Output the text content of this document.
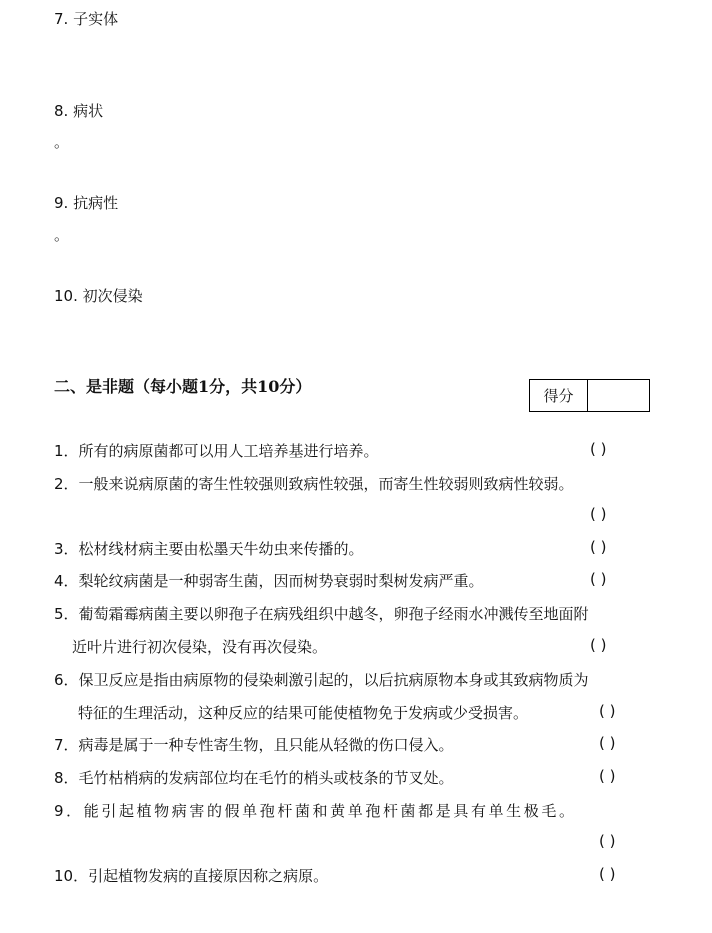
7. 子实体
8. 病状
。
9. 抗病性
。
10. 初次侵染
二、是非题（每小题1分，共10分）	得分
1．所有的病原菌都可以用人工培养基进行培养。	( )
2．一般来说病原菌的寄生性较强则致病性较强，而寄生性较弱则致病性较弱。
( )
3．松材线材病主要由松墨天牛幼虫来传播的。	( )
4．梨轮纹病菌是一种弱寄生菌，因而树势衰弱时梨树发病严重。	( )
5．葡萄霜霉病菌主要以卵孢子在病残组织中越冬，卵孢子经雨水冲溅传至地面附
近叶片进行初次侵染，没有再次侵染。	( )
6．保卫反应是指由病原物的侵染刺激引起的，以后抗病原物本身或其致病物质为
特征的生理活动，这种反应的结果可能使植物免于发病或少受损害。	( )
7．病毒是属于一种专性寄生物，且只能从轻微的伤口侵入。	( )
8．毛竹枯梢病的发病部位均在毛竹的梢头或枝条的节叉处。	( )
9．能引起植物病害的假单孢杆菌和黄单孢杆菌都是具有单生极毛。
( )
10．引起植物发病的直接原因称之病原。	( )
